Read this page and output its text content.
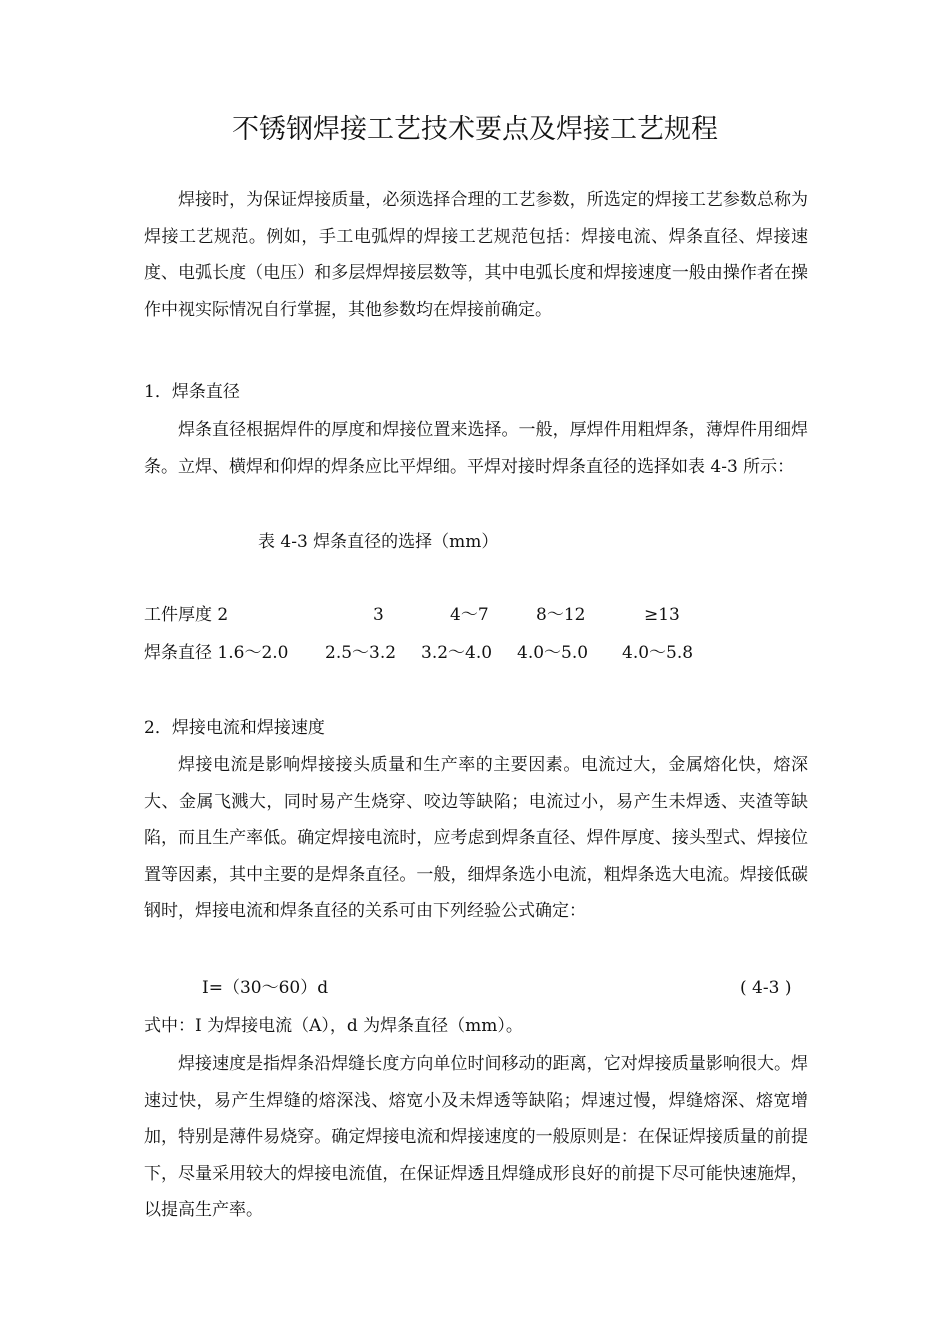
不锈钢焊接工艺技术要点及焊接工艺规程

焊接时，为保证焊接质量，必须选择合理的工艺参数，所选定的焊接工艺参数总称为焊接工艺规范。例如，手工电弧焊的焊接工艺规范包括：焊接电流、焊条直径、焊接速度、电弧长度（电压）和多层焊焊接层数等，其中电弧长度和焊接速度一般由操作者在操作中视实际情况自行掌握，其他参数均在焊接前确定。

1．焊条直径

焊条直径根据焊件的厚度和焊接位置来选择。一般，厚焊件用粗焊条，薄焊件用细焊条。立焊、横焊和仰焊的焊条应比平焊细。平焊对接时焊条直径的选择如表 4-3 所示：

表 4-3 焊条直径的选择（mm）
工件厚度 2	3	4～7	8～12	≥13
焊条直径 1.6～2.0 2.5～3.2 3.2～4.0 4.0～5.0 4.0～5.8
2．焊接电流和焊接速度

焊接电流是影响焊接接头质量和生产率的主要因素。电流过大，金属熔化快，熔深大、金属飞溅大，同时易产生烧穿、咬边等缺陷；电流过小，易产生未焊透、夹渣等缺陷，而且生产率低。确定焊接电流时，应考虑到焊条直径、焊件厚度、接头型式、焊接位置等因素，其中主要的是焊条直径。一般，细焊条选小电流，粗焊条选大电流。焊接低碳钢时，焊接电流和焊条直径的关系可由下列经验公式确定：

I=（30～60）d	( 4-3 )

式中：I 为焊接电流（A），d 为焊条直径（mm）。

焊接速度是指焊条沿焊缝长度方向单位时间移动的距离，它对焊接质量影响很大。焊速过快，易产生焊缝的熔深浅、熔宽小及未焊透等缺陷；焊速过慢，焊缝熔深、熔宽增加，特别是薄件易烧穿。确定焊接电流和焊接速度的一般原则是：在保证焊接质量的前提下，尽量采用较大的焊接电流值，在保证焊透且焊缝成形良好的前提下尽可能快速施焊，以提高生产率。
